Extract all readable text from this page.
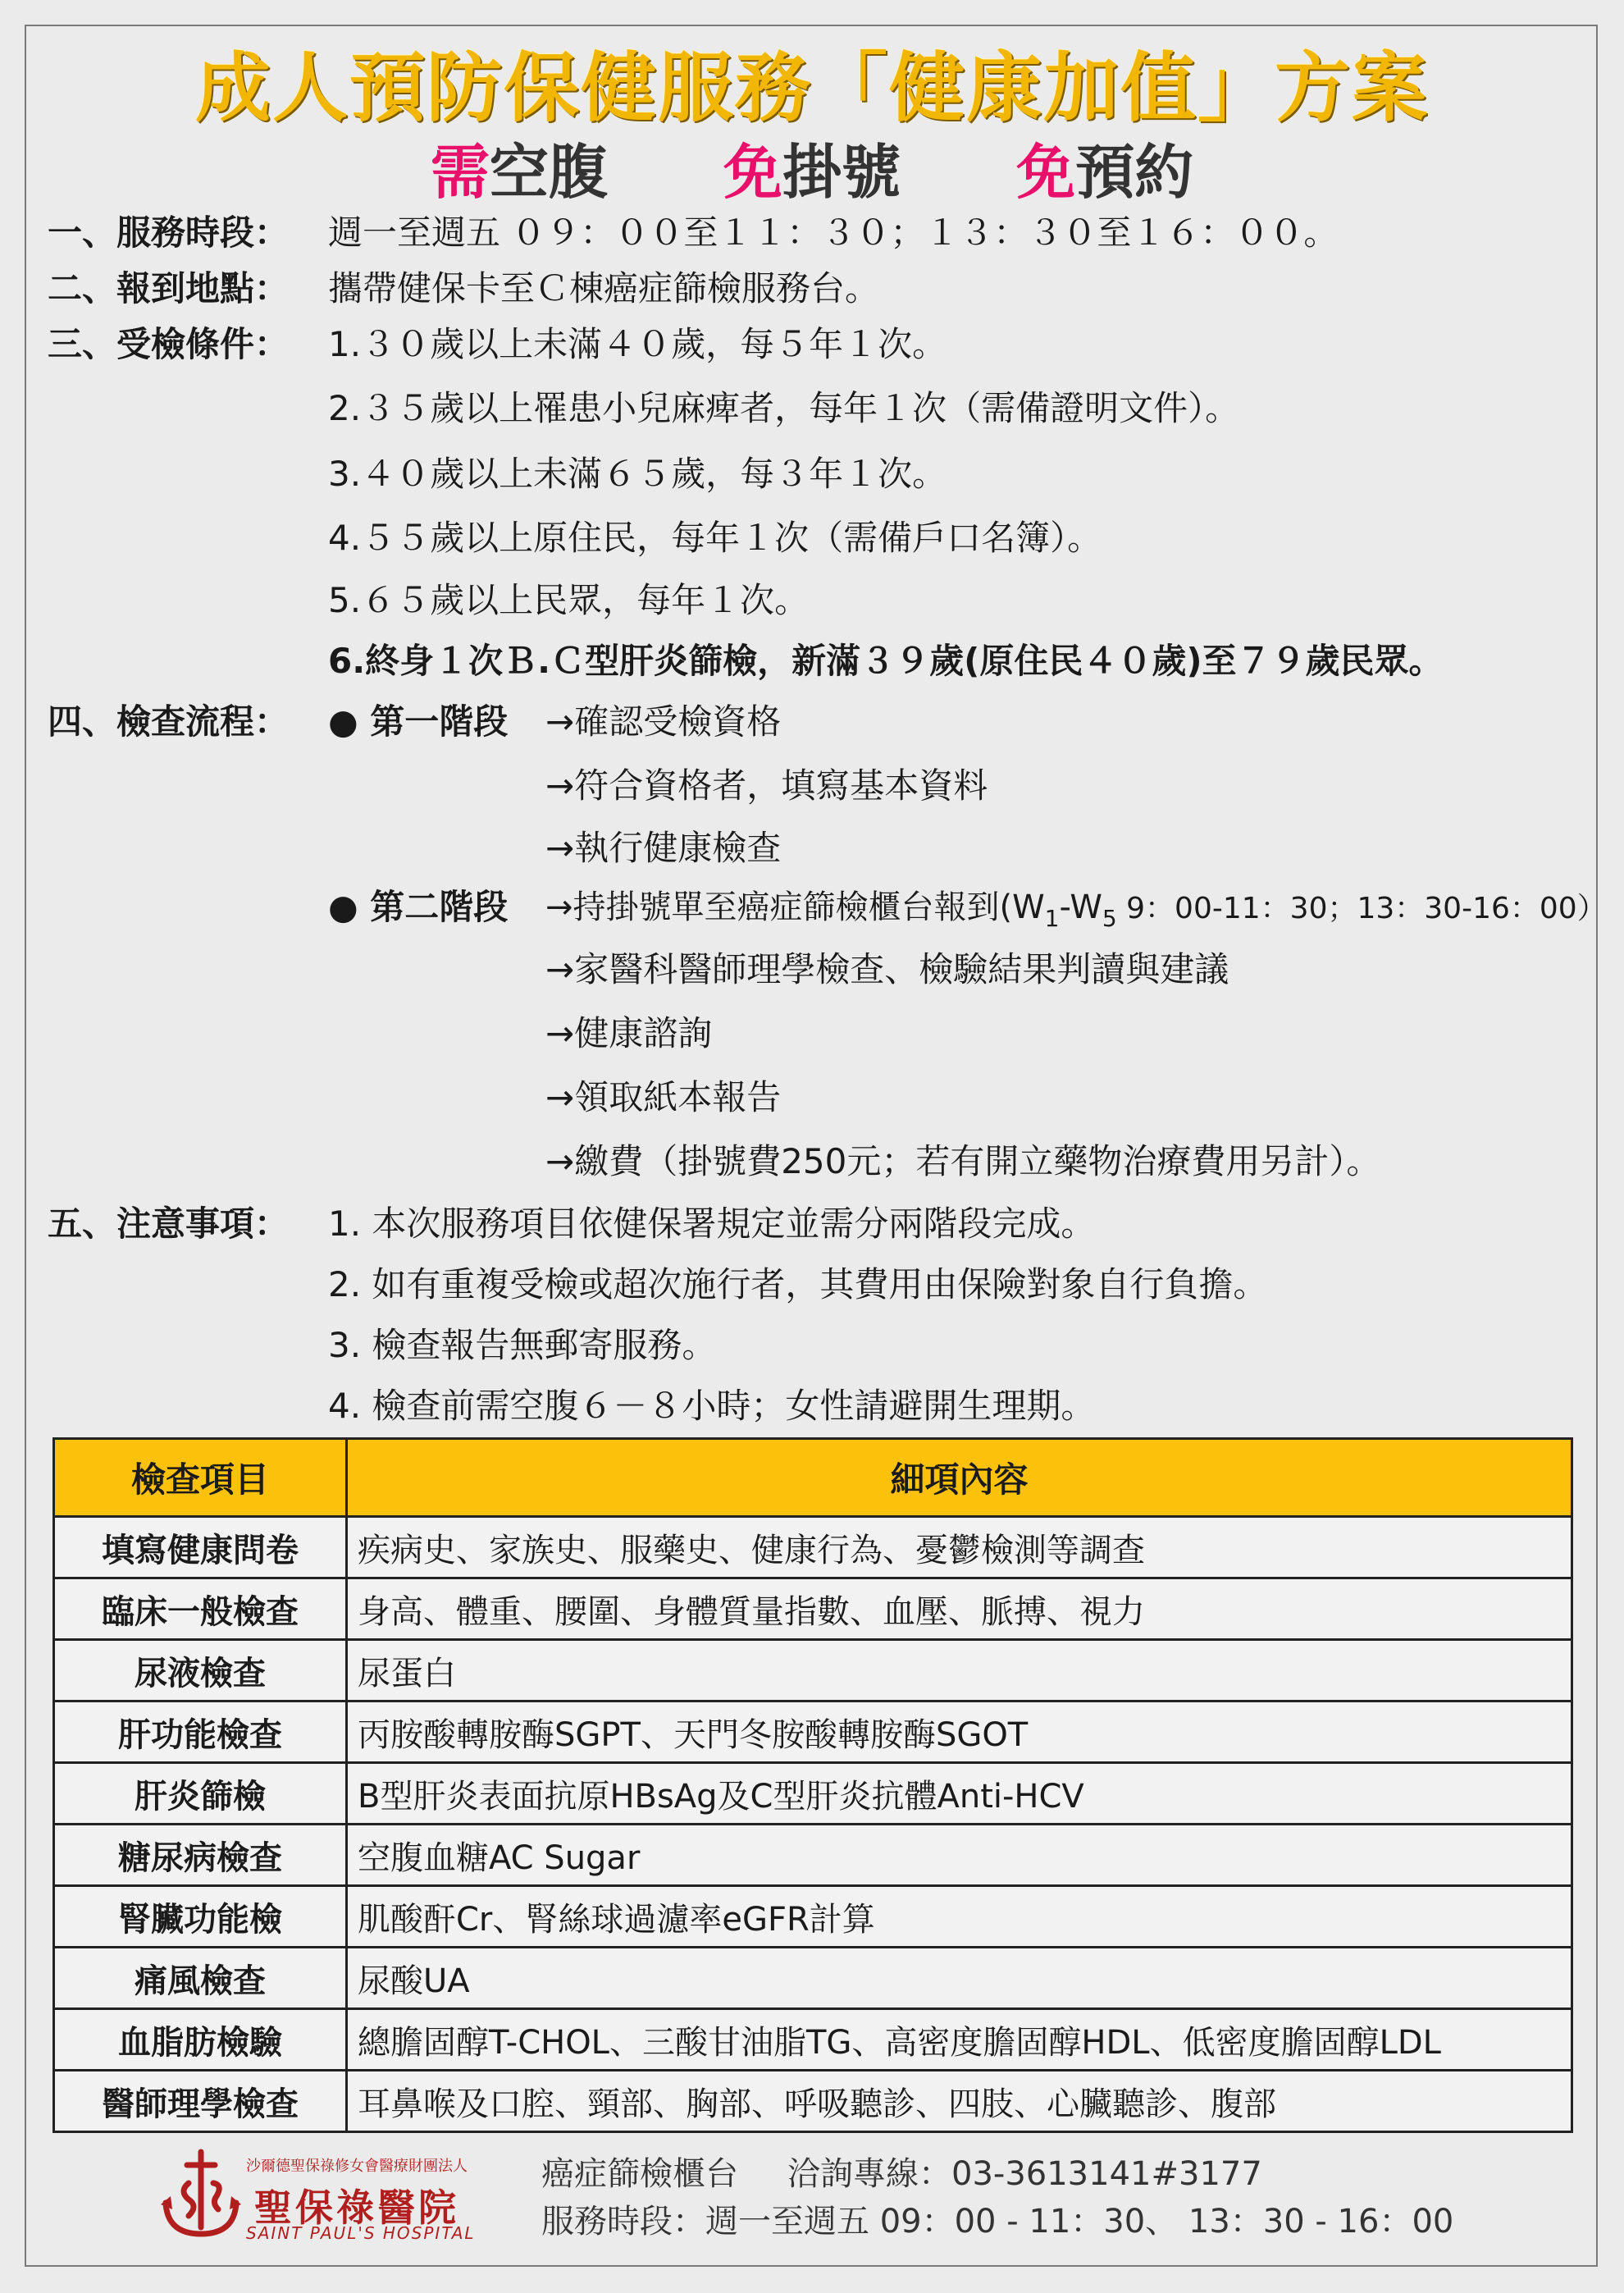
成人預防保健服務「健康加值」方案
需空腹 免掛號 免預約
一、服務時段： 週一至週五 ０９：００至１１：３０；１３：３０至１６：００。
二、報到地點： 攜帶健保卡至Ｃ棟癌症篩檢服務台。
三、受檢條件： 1.３０歲以上未滿４０歲，每５年１次。
2.３５歲以上罹患小兒麻痺者，每年１次（需備證明文件）。
3.４０歲以上未滿６５歲，每３年１次。
4.５５歲以上原住民，每年１次（需備戶口名簿）。
5.６５歲以上民眾，每年１次。
6.終身１次Ｂ.Ｃ型肝炎篩檢，新滿３９歲(原住民４０歲)至７９歲民眾。
四、檢查流程： ● 第一階段 →確認受檢資格
→符合資格者，填寫基本資料
→執行健康檢查
● 第二階段 →持掛號單至癌症篩檢櫃台報到($W_1-W_5$ 9：00-11：30；13：30-16：00）
→家醫科醫師理學檢查、檢驗結果判讀與建議
→健康諮詢
→領取紙本報告
→繳費（掛號費250元；若有開立藥物治療費用另計）。
五、注意事項： 1. 本次服務項目依健保署規定並需分兩階段完成。
2. 如有重複受檢或超次施行者，其費用由保險對象自行負擔。
3. 檢查報告無郵寄服務。
4. 檢查前需空腹６－８小時；女性請避開生理期。
檢查項目	細項內容
填寫健康問卷	疾病史、家族史、服藥史、健康行為、憂鬱檢測等調查
臨床一般檢查	身高、體重、腰圍、身體質量指數、血壓、脈搏、視力
尿液檢查	尿蛋白
肝功能檢查	丙胺酸轉胺酶SGPT、天門冬胺酸轉胺酶SGOT
肝炎篩檢	B型肝炎表面抗原HBsAg及C型肝炎抗體Anti-HCV
糖尿病檢查	空腹血糖AC Sugar
腎臟功能檢	肌酸酐Cr、腎絲球過濾率eGFR計算
痛風檢查	尿酸UA
血脂肪檢驗	總膽固醇T-CHOL、三酸甘油脂TG、高密度膽固醇HDL、低密度膽固醇LDL
醫師理學檢查	耳鼻喉及口腔、頸部、胸部、呼吸聽診、四肢、心臟聽診、腹部
沙爾德聖保祿修女會醫療財團法人
聖保祿醫院
SAINT PAUL'S HOSPITAL
癌症篩檢櫃台 洽詢專線：03-3613141#3177
服務時段：週一至週五 09：00 - 11：30、 13：30 - 16：00
